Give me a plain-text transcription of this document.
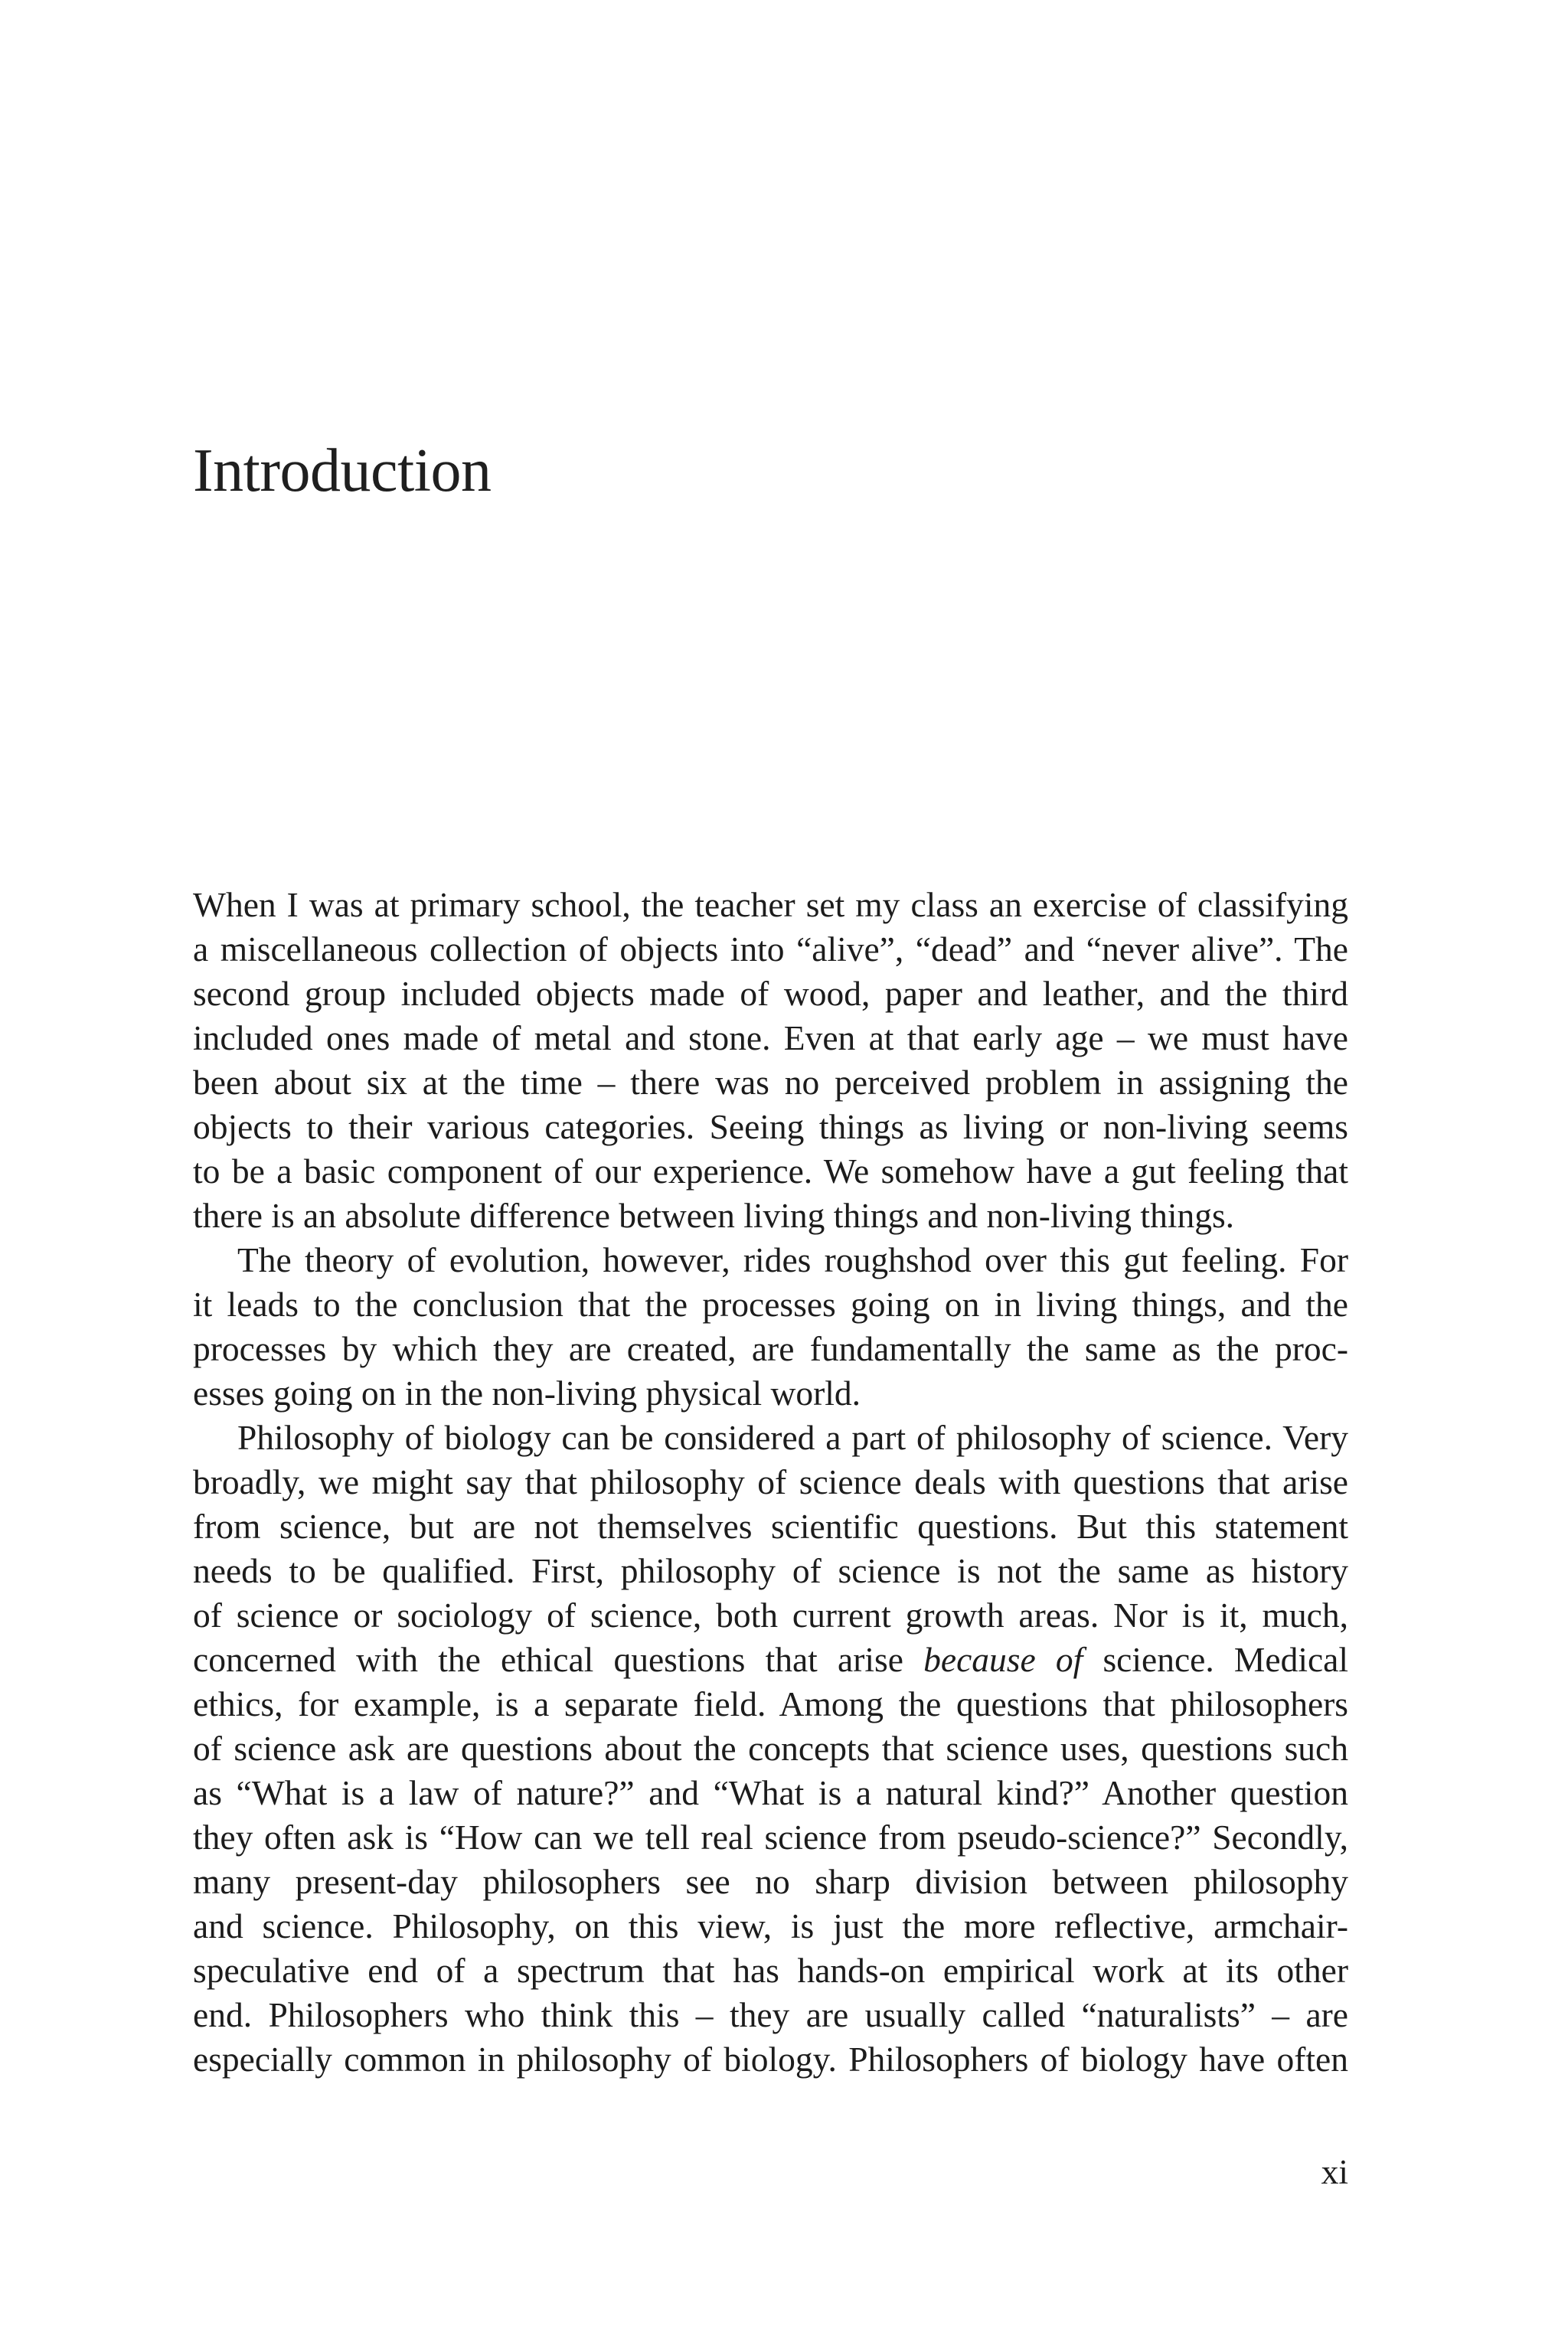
Introduction
When I was at primary school, the teacher set my class an exercise of classifying
a miscellaneous collection of objects into “alive”, “dead” and “never alive”. The
second group included objects made of wood, paper and leather, and the third
included ones made of metal and stone. Even at that early age – we must have
been about six at the time – there was no perceived problem in assigning the
objects to their various categories. Seeing things as living or non-living seems
to be a basic component of our experience. We somehow have a gut feeling that
there is an absolute difference between living things and non-living things.
The theory of evolution, however, rides roughshod over this gut feeling. For
it leads to the conclusion that the processes going on in living things, and the
processes by which they are created, are fundamentally the same as the proc-
esses going on in the non-living physical world.
Philosophy of biology can be considered a part of philosophy of science. Very
broadly, we might say that philosophy of science deals with questions that arise
from science, but are not themselves scientific questions. But this statement
needs to be qualified. First, philosophy of science is not the same as history
of science or sociology of science, both current growth areas. Nor is it, much,
concerned with the ethical questions that arise because of science. Medical
ethics, for example, is a separate field. Among the questions that philosophers
of science ask are questions about the concepts that science uses, questions such
as “What is a law of nature?” and “What is a natural kind?” Another question
they often ask is “How can we tell real science from pseudo-science?” Secondly,
many present-day philosophers see no sharp division between philosophy
and science. Philosophy, on this view, is just the more reflective, armchair-
speculative end of a spectrum that has hands-on empirical work at its other
end. Philosophers who think this – they are usually called “naturalists” – are
especially common in philosophy of biology. Philosophers of biology have often
xi
